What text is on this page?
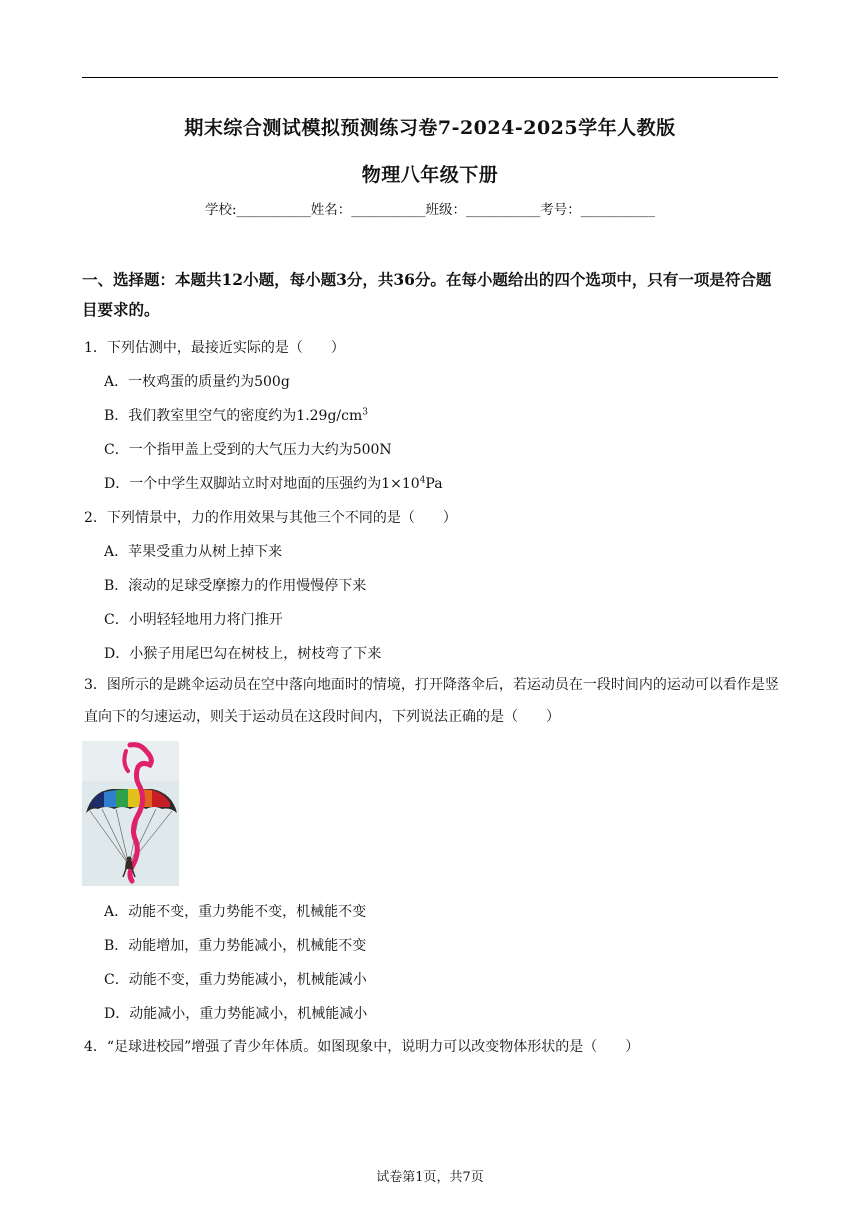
期末综合测试模拟预测练习卷7-2024-2025学年人教版
物理八年级下册
学校:___________姓名：___________班级：___________考号：___________
一、选择题：本题共12小题，每小题3分，共36分。在每小题给出的四个选项中，只有一项是符合题目要求的。
1．下列估测中，最接近实际的是（　　）
A．一枚鸡蛋的质量约为500g
B．我们教室里空气的密度约为$1.29g/cm^3$
C．一个指甲盖上受到的大气压力大约为500N
D．一个中学生双脚站立时对地面的压强约为$1\times 10^4Pa$
2．下列情景中，力的作用效果与其他三个不同的是（　　）
A．苹果受重力从树上掉下来
B．滚动的足球受摩擦力的作用慢慢停下来
C．小明轻轻地用力将门推开
D．小猴子用尾巴勾在树枝上，树枝弯了下来
3．图所示的是跳伞运动员在空中落向地面时的情境，打开降落伞后，若运动员在一段时间内的运动可以看作是竖直向下的匀速运动，则关于运动员在这段时间内，下列说法正确的是（　　）
A．动能不变，重力势能不变，机械能不变
B．动能增加，重力势能减小，机械能不变
C．动能不变，重力势能减小，机械能减小
D．动能减小，重力势能减小，机械能减小
4．“足球进校园”增强了青少年体质。如图现象中，说明力可以改变物体形状的是（　　）
试卷第1页，共7页
